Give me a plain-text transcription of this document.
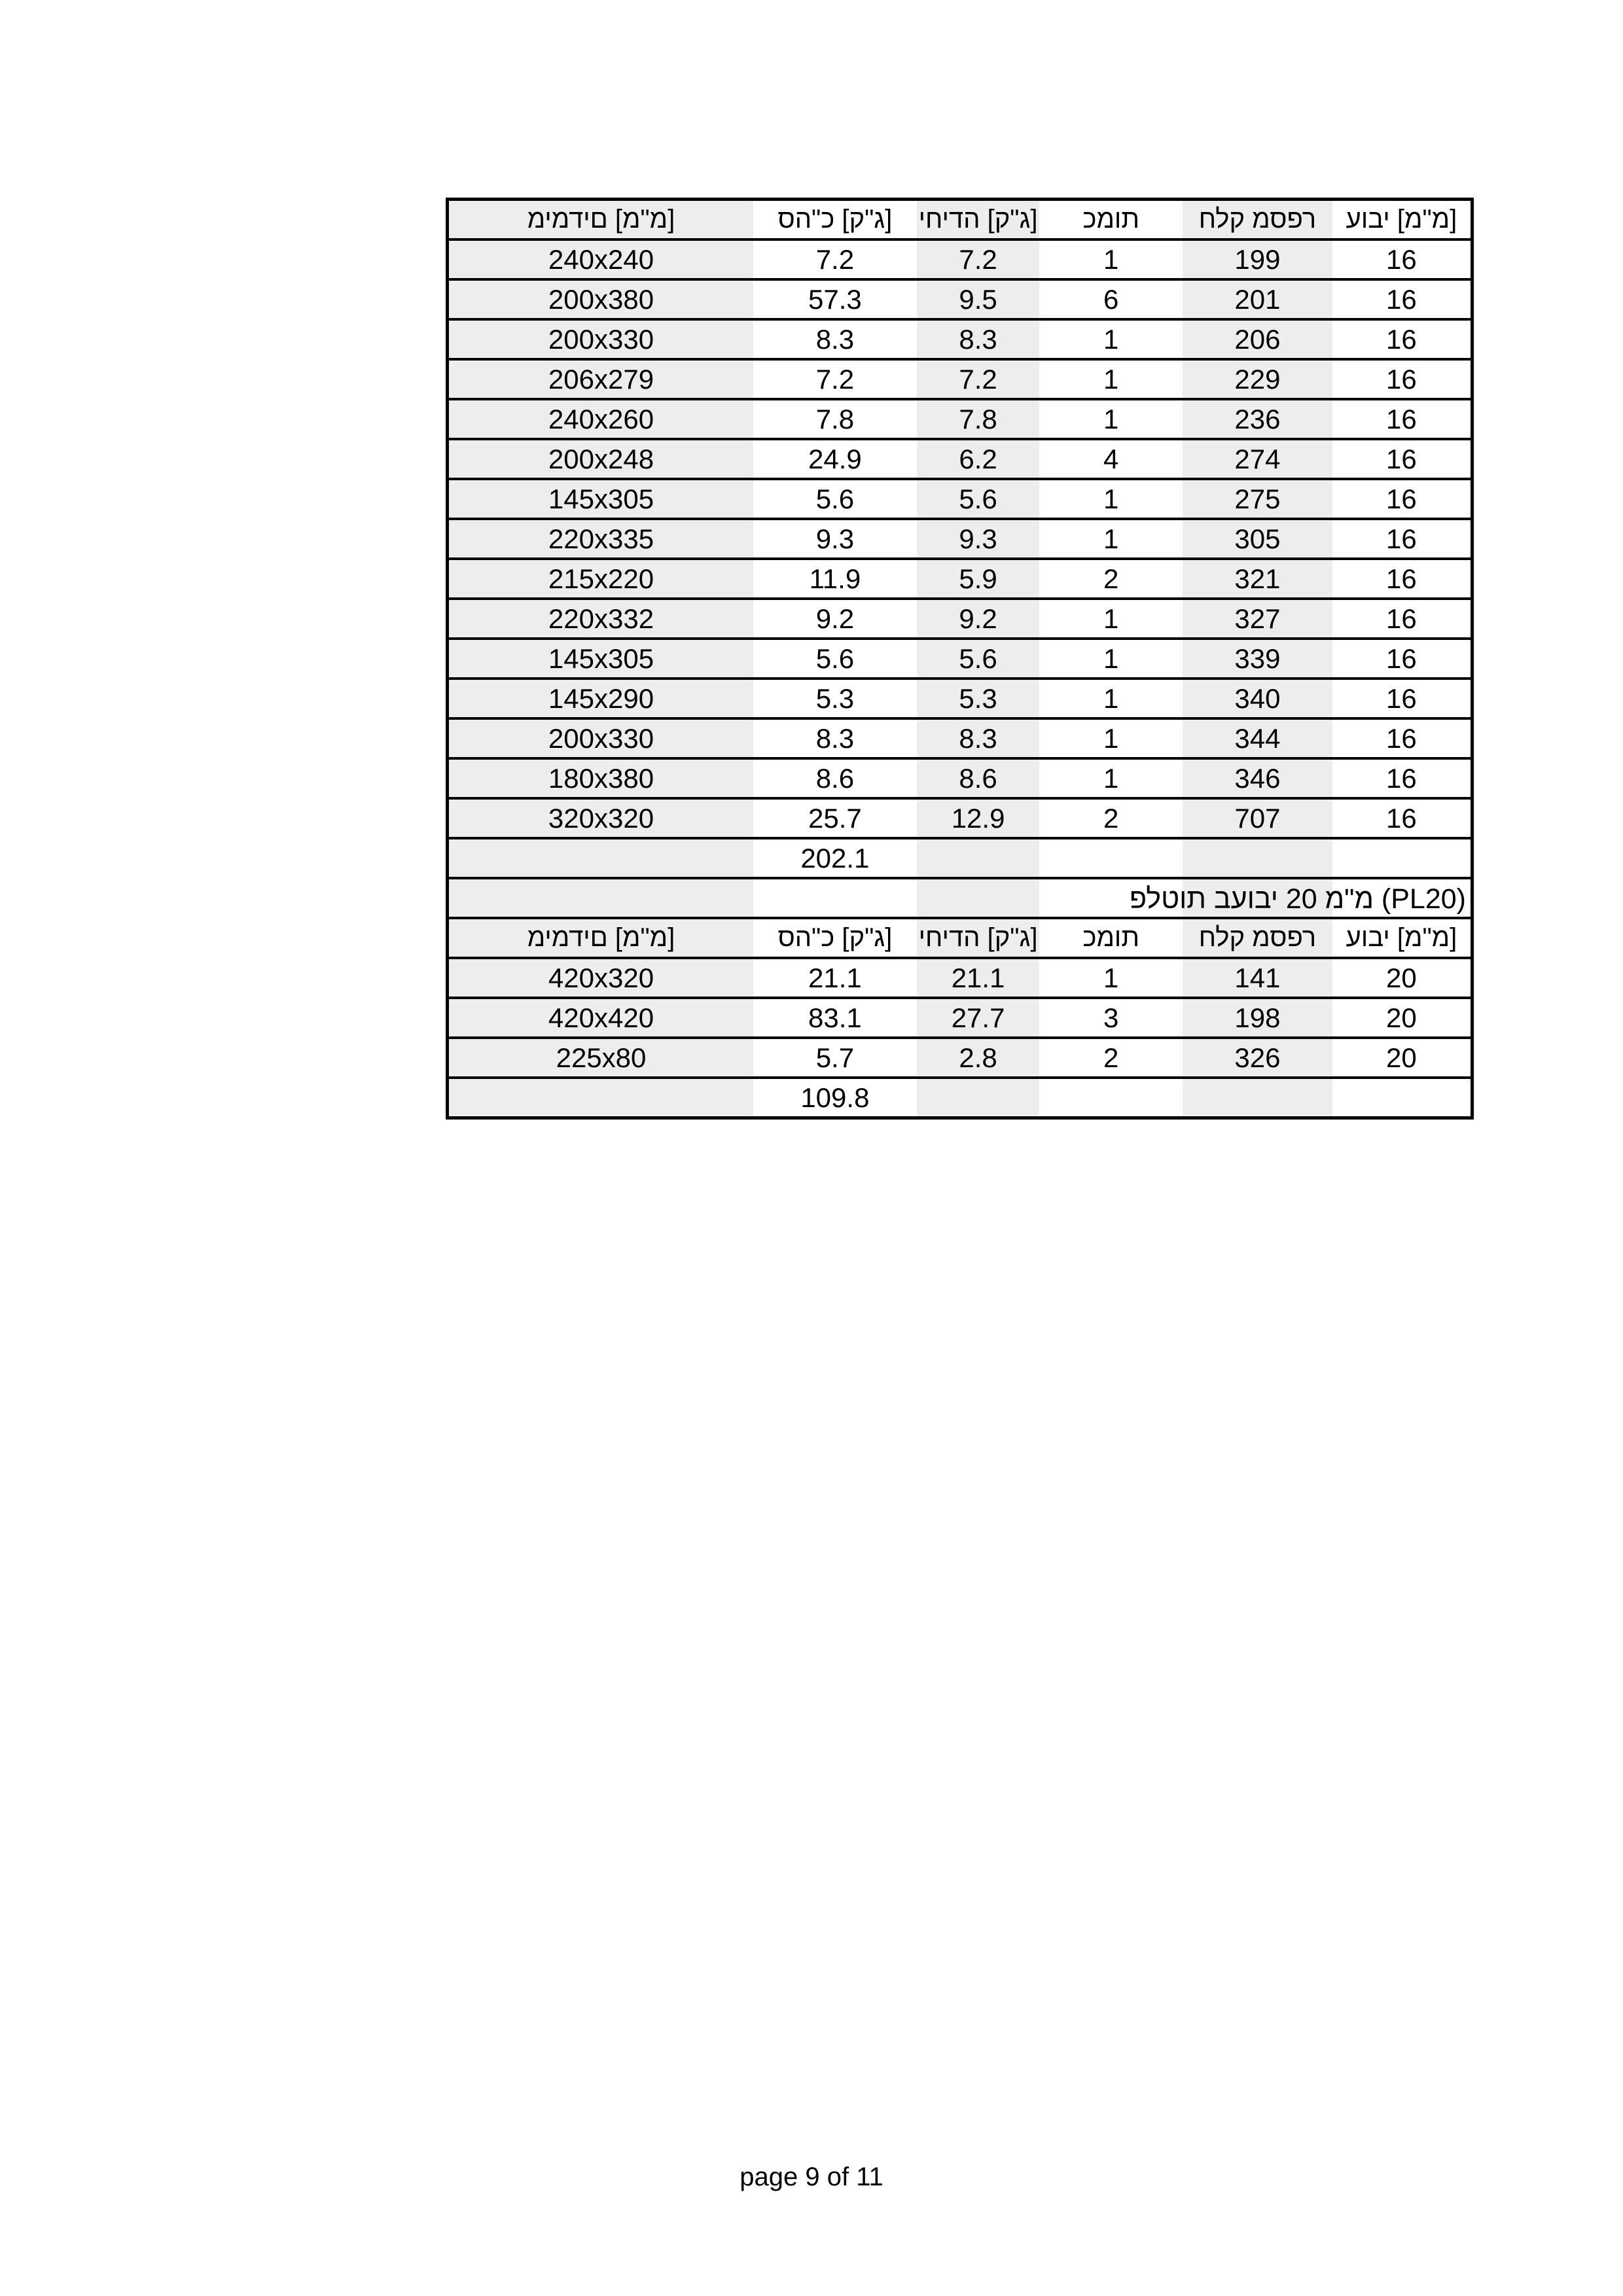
מימדים [מ"מ]	סה"כ [ק"ג]	יחידה [ק"ג]	כמות	חלק מספר	עובי [מ"מ]
240x240	7.2	7.2	1	199	16
200x380	57.3	9.5	6	201	16
200x330	8.3	8.3	1	206	16
206x279	7.2	7.2	1	229	16
240x260	7.8	7.8	1	236	16
200x248	24.9	6.2	4	274	16
145x305	5.6	5.6	1	275	16
220x335	9.3	9.3	1	305	16
215x220	11.9	5.9	2	321	16
220x332	9.2	9.2	1	327	16
145x305	5.6	5.6	1	339	16
145x290	5.3	5.3	1	340	16
200x330	8.3	8.3	1	344	16
180x380	8.6	8.6	1	346	16
320x320	25.7	12.9	2	707	16
	202.1				

מימדים [מ"מ]	סה"כ [ק"ג]	יחידה [ק"ג]	כמות	חלק מספר	עובי [מ"מ]
420x320	21.1	21.1	1	141	20
420x420	83.1	27.7	3	198	20
225x80	5.7	2.8	2	326	20
	109.8				
פלטות בעובי 20 מ"מ (PL20)
page 9 of 11
